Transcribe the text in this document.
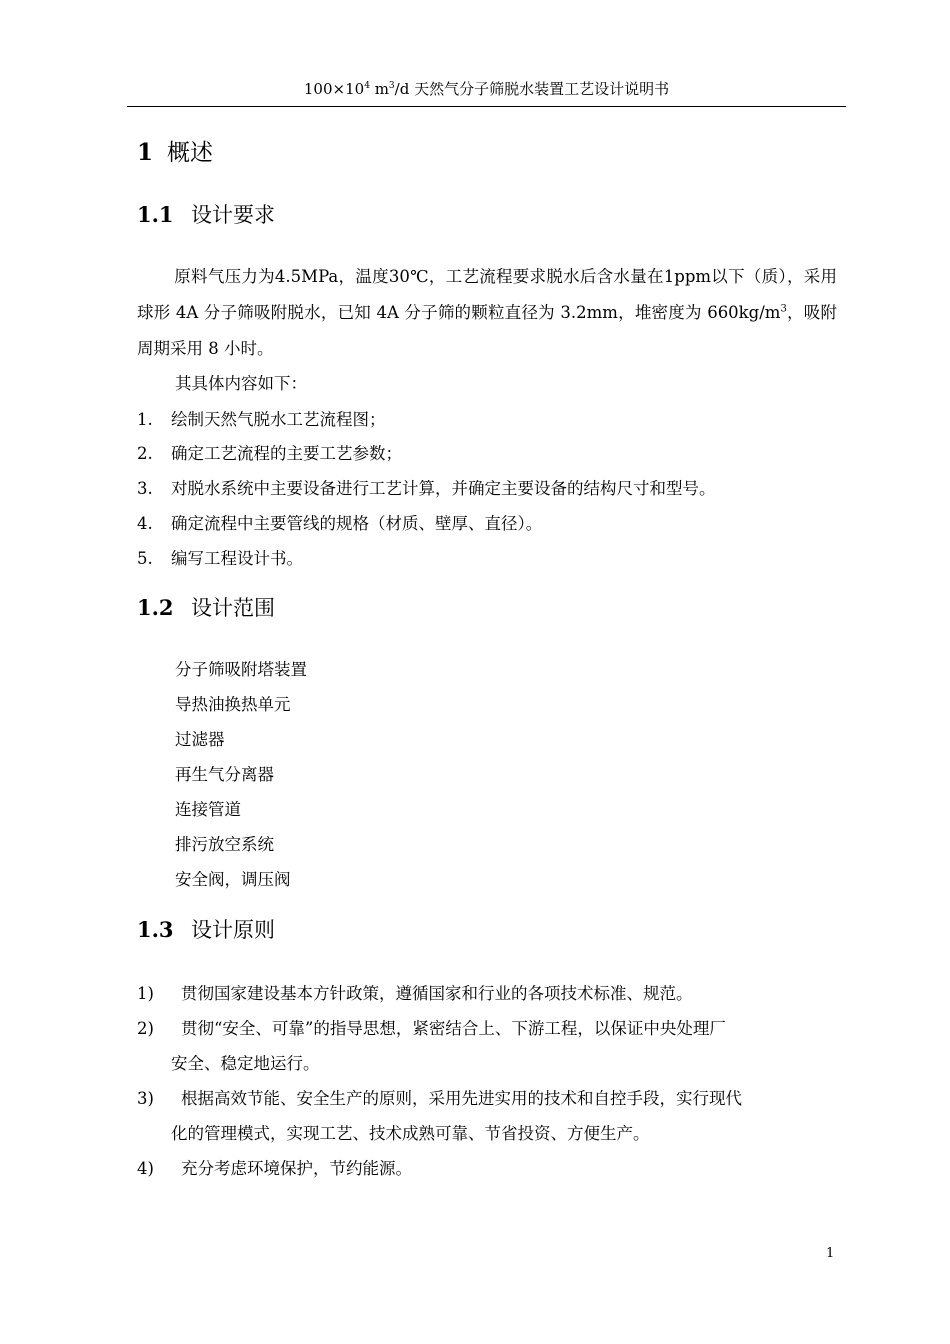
$100\times 10^4$ $m^3/d$ 天然气分子筛脱水装置工艺设计说明书
1 概述
1.1 设计要求
原料气压力为4.5MPa，温度30℃，工艺流程要求脱水后含水量在1ppm以下（质），采用球形 4A 分子筛吸附脱水，已知 4A 分子筛的颗粒直径为 3.2mm，堆密度为 $660kg/m^3$，吸附周期采用 8 小时。
其具体内容如下：
1. 绘制天然气脱水工艺流程图；
2. 确定工艺流程的主要工艺参数；
3. 对脱水系统中主要设备进行工艺计算，并确定主要设备的结构尺寸和型号。
4. 确定流程中主要管线的规格（材质、壁厚、直径）。
5. 编写工程设计书。
1.2 设计范围
分子筛吸附塔装置
导热油换热单元
过滤器
再生气分离器
连接管道
排污放空系统
安全阀，调压阀
1.3 设计原则
1)	贯彻国家建设基本方针政策，遵循国家和行业的各项技术标准、规范。
2)	贯彻“安全、可靠”的指导思想，紧密结合上、下游工程，以保证中央处理厂
安全、稳定地运行。
3)	根据高效节能、安全生产的原则，采用先进实用的技术和自控手段，实行现代
化的管理模式，实现工艺、技术成熟可靠、节省投资、方便生产。
4)	充分考虑环境保护，节约能源。
1
